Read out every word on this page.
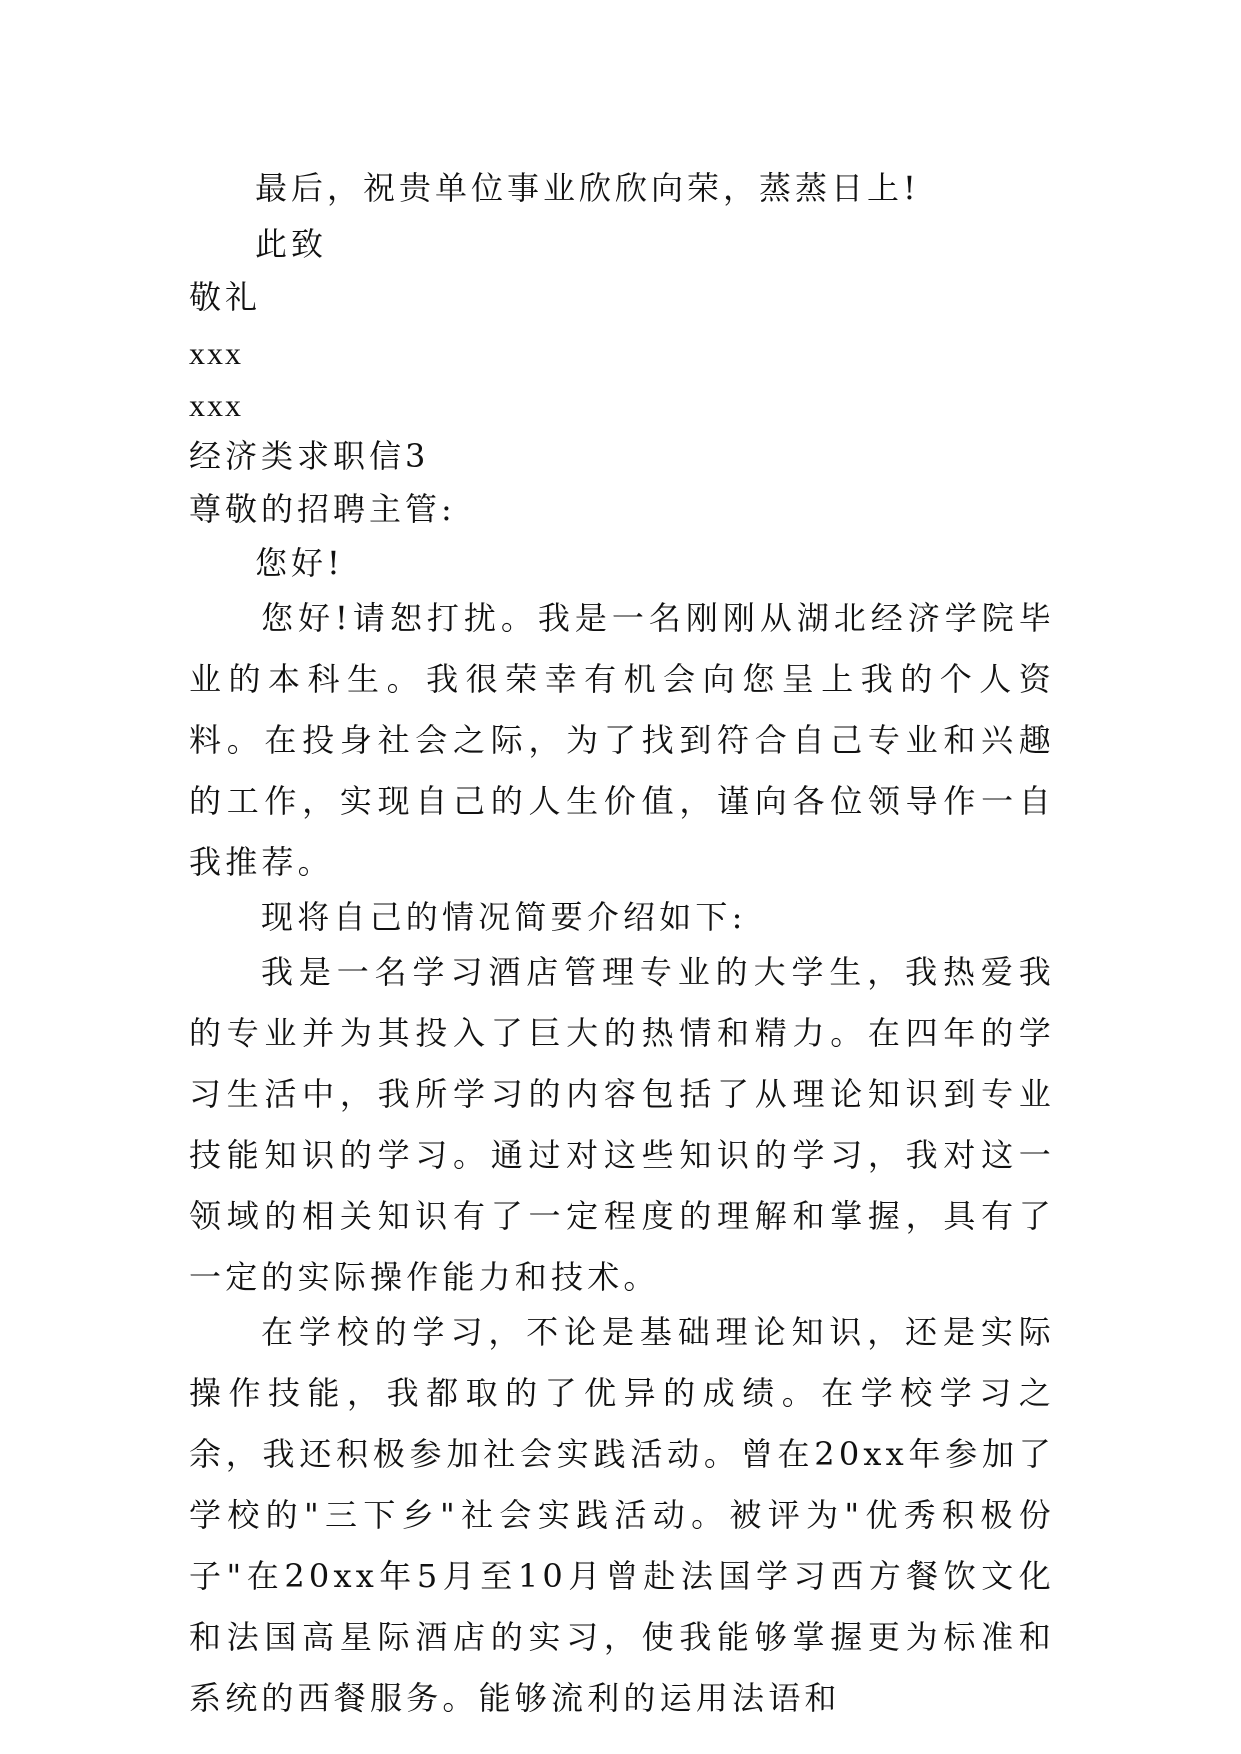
最后，祝贵单位事业欣欣向荣，蒸蒸日上!
此致
敬礼
xxx
xxx
经济类求职信3
尊敬的招聘主管:
您好!

您好!请恕打扰。我是一名刚刚从湖北经济学院毕业的本科生。我很荣幸有机会向您呈上我的个人资料。在投身社会之际，为了找到符合自己专业和兴趣的工作，实现自己的人生价值，谨向各位领导作一自我推荐。

现将自己的情况简要介绍如下:

我是一名学习酒店管理专业的大学生，我热爱我的专业并为其投入了巨大的热情和精力。在四年的学习生活中，我所学习的内容包括了从理论知识到专业技能知识的学习。通过对这些知识的学习，我对这一领域的相关知识有了一定程度的理解和掌握，具有了一定的实际操作能力和技术。

在学校的学习，不论是基础理论知识，还是实际操作技能，我都取的了优异的成绩。在学校学习之余，我还积极参加社会实践活动。曾在20xx年参加了学校的"三下乡"社会实践活动。被评为"优秀积极份子"在20xx年5月至10月曾赴法国学习西方餐饮文化和法国高星际酒店的实习，使我能够掌握更为标准和系统的西餐服务。能够流利的运用法语和
